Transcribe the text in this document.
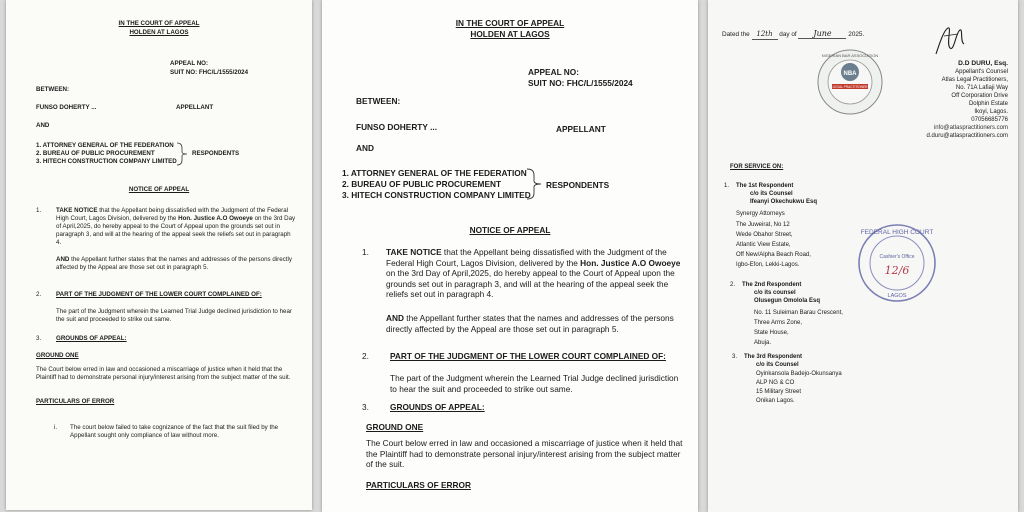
IN THE COURT OF APPEAL
HOLDEN AT LAGOS
APPEAL NO:
SUIT NO: FHC/L/1555/2024
BETWEEN:
FUNSO DOHERTY ...	APPELLANT
AND
1. ATTORNEY GENERAL OF THE FEDERATION
2. BUREAU OF PUBLIC PROCUREMENT
3. HITECH CONSTRUCTION COMPANY LIMITED
RESPONDENTS
NOTICE OF APPEAL
1. TAKE NOTICE that the Appellant being dissatisfied with the Judgment of the Federal High Court, Lagos Division, delivered by the Hon. Justice A.O Owoeye on the 3rd Day of April,2025, do hereby appeal to the Court of Appeal upon the grounds set out in paragraph 3, and will at the hearing of the appeal seek the reliefs set out in paragraph 4.
AND the Appellant further states that the names and addresses of the persons directly affected by the Appeal are those set out in paragraph 5.
2. PART OF THE JUDGMENT OF THE LOWER COURT COMPLAINED OF:
The part of the Judgment wherein the Learned Trial Judge declined jurisdiction to hear the suit and proceeded to strike out same.
3. GROUNDS OF APPEAL:
GROUND ONE
The Court below erred in law and occasioned a miscarriage of justice when it held that the Plaintiff had to demonstrate personal injury/interest arising from the subject matter of the suit.
PARTICULARS OF ERROR
i. The court below failed to take cognizance of the fact that the suit filed by the Appellant sought only compliance of law without more.
IN THE COURT OF APPEAL
HOLDEN AT LAGOS
APPEAL NO:
SUIT NO: FHC/L/1555/2024
BETWEEN:
FUNSO DOHERTY ...	APPELLANT
AND
1. ATTORNEY GENERAL OF THE FEDERATION
2. BUREAU OF PUBLIC PROCUREMENT
3. HITECH CONSTRUCTION COMPANY LIMITED
RESPONDENTS
NOTICE OF APPEAL
1. TAKE NOTICE that the Appellant being dissatisfied with the Judgment of the Federal High Court, Lagos Division, delivered by the Hon. Justice A.O Owoeye on the 3rd Day of April,2025, do hereby appeal to the Court of Appeal upon the grounds set out in paragraph 3, and will at the hearing of the appeal seek the reliefs set out in paragraph 4.
AND the Appellant further states that the names and addresses of the persons directly affected by the Appeal are those set out in paragraph 5.
2.	PART OF THE JUDGMENT OF THE LOWER COURT COMPLAINED OF:
The part of the Judgment wherein the Learned Trial Judge declined jurisdiction to hear the suit and proceeded to strike out same.
3.	GROUNDS OF APPEAL:
GROUND ONE
The Court below erred in law and occasioned a miscarriage of justice when it held that the Plaintiff had to demonstrate personal injury/interest arising from the subject matter of the suit.
PARTICULARS OF ERROR
Dated the 12th day of June	2025.
NBA
LEGAL PRACTITIONER
NIGERIAN BAR ASSOCIATION
D.D DURU, Esq.
Appellant's Counsel
Atlas Legal Practitioners,
No. 71A Lafiaji Way
Off Corporation Drive
Dolphin Estate
Ikoyi, Lagos.
07056685776
info@atlaspractitioners.com
d.duru@atlaspractitioners.com
FOR SERVICE ON:
1. The 1st Respondent
c/o its Counsel
Ifeanyi Okechukwu Esq
Synergy Attorneys
The Juweirat, No 12
Wede Obahor Street,
Atlantic View Estate,
Off New/Alpha Beach Road,
Igbo-Efon, Lekki-Lagos.
FEDERAL HIGH COURT
Cashier's Office
12/6
LAGOS
2. The 2nd Respondent
c/o its counsel
Olusegun Omolola Esq
No. 11 Suleiman Barau Crescent,
Three Arms Zone,
State House,
Abuja.
3. The 3rd Respondent
c/o its Counsel
Oyinkansola Badejo-Okunsanya
ALP NG & CO
15 Military Street
Onikan Lagos.
